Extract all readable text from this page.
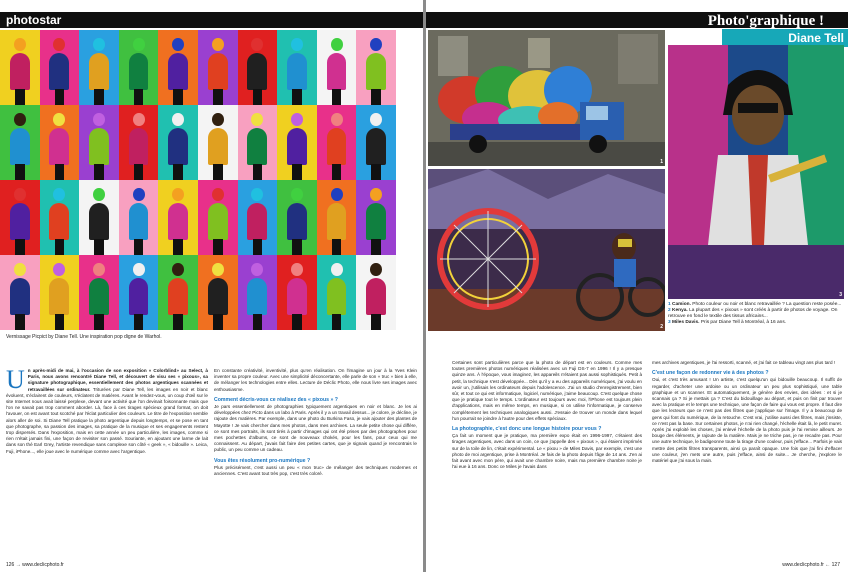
photostar
Vernissage Picpict by Diane Tell. Une inspiration pop digne de Warhol.
U n après-midi de mai, à l'occasion de son exposition « Colorblind» au Select, à Paris, nous avons rencontré Diane Tell, et découvert de visu ses « pixous», sa signature photographique, essentiellement des photos argentiques scannées et retravaillées sur ordinateur. Triturées par Diane Tell, les images en noir et blanc évoluent, s'éclairent de couleurs, s'éclatent de matières. Avant le rendez-vous, un coup d'œil sur le site Internet nous avait laissé perplexe, devant une activité que l'on devinait foisonnante mais que l'on ne savait pas trop comment aborder. Là, face à ces tirages spécieux grand format, on doit l'avouer, on est avant tout scotché par l'éclat particulier des couleurs. Le titre de l'exposition semble alors aller de soi. Si Diane Tell pratique la photo argentique depuis longtemps, et se pose en tant que photographe, sa passion des images, sa pratique de la musique et ses engagements restent trop dispersés. Dans l'exposition, mais en cette année un peu particulière, les images, comme si rien n'était jamais fini, une façon de revisiter son passé. Souriante, en ajoutant une larme de lait dans son thé Earl Grey, l'artiste revendique sans complexe son côté « geek », « bidouille ». Leica, Fuji, iPhone..., elle joue avec le numérique comme avec l'argentique.

En constante créativité, inventivité, plus qu'en réalisation. On l'imagine un jour à la Yves Klein inventer sa propre couleur. Avec une simplicité déconcertante, elle parle de son « truc » bien à elle, de mélanger les technologies entre elles. Lecture de Déclic Photo, elle nous livre ses images avec enthousiasme.

Comment décris-vous ce réalisez des « pixous » ?

Je pars essentiellement de photographies typiquement argentiques en noir et blanc. Je les ai développées chez Picto dans un labo à Paris. Après il y a un travail dessus... je colore, je décline, je rajoute des matières. Par exemple, dans une photo du Burkina Faso, je vais ajouter des plantes de Mayotte ! Je vais chercher dans mes photos, dans mes archives. La seule petite chose qui diffère, ce sont mes portraits, ils sont tirés à partir d'images qui ont été prises par des photographes pour mes pochettes d'albums, ce sont de nouveaux chokés, pour les fans, pour ceux qui me connaissent. Au départ, j'avais fait faire des petites cartes, que je signais quand je rencontrais le public, un peu comme un cadeau.

Vous êtes résolument pro-numérique ?

Plus précisément, c'est aussi un peu « mon truc» de mélanger des techniques modernes et anciennes. C'est avant tout très pop, c'est très coloré.

126 → www.declicphoto.fr
Photo'graphique !
Diane Tell
1
2
3

1 Camion. Photo couleur ou noir et blanc retravaillée ? La question reste posée...

2 Kenya. La plupart des « pixous » sont créés à partir de photos de voyage. On retrouve en fond le textile des tissus africains...

3 Miles Davis. Pris par Diane Tell à Montréal, à 16 ans.

Certaines sont particulières parce que la photo de départ est en couleurs. Comme mes toutes premières photos numériques réalisées avec un Fuji DS-7 en 1996 ! Il y a presque quinze ans. À l'époque, vous imaginez, les appareils n'étaient pas aussi sophistiqués. Petit à petit, la technique s'est développée... Dès qu'il y a eu des appareils numériques, j'ai voulu en avoir un, j'utilisais les ordinateurs depuis l'adolescence. J'ai un studio d'enregistrement, bien sûr, et tout ce qui est informatique, logiciel, numérique, j'aime beaucoup. C'est quelque chose que je pratique tout le temps. L'ordinateur est toujours avec moi, l'iPhone est toujours plein d'applications, mais en même temps, en musique, si on utilise l'informatique, je conserve complètement les techniques analogiques aussi. J'essaie de trouver un monde dans lequel l'un pourrait se joindre à l'autre pour des effets spéciaux.

La photographie, c'est donc une longue histoire pour vous ?

Ça fait un moment que je pratique, ma première expo était en 1996-1997, c'étaient des tirages argentiques, avec dans un coin, ce que j'appelle des « pixous », qui étaient imprimés sur de la toile de lin, c'était expérimental. Le « pixou » de Miles Davis, par exemple, c'est une photo de moi argentique, prise à Montréal. Je fais de la photo depuis l'âge de 14 ans. J'en ai fait avant avec mon père, qui avait une chambre noire, mais ma première chambre noire je l'ai eue à 16 ans. Donc ce Miles je l'avais dans

mes archives argentiques, je l'ai ressorti, scanné, et j'ai fait ce tableau vingt ans plus tard !

C'est une façon de redonner vie à des photos ?

Oui, et c'est très amusant ! Un artiste, c'est quelqu'un qui bidouille beaucoup. Il suffit de regarder, d'acheter une ardoise ou un ordinateur un peu plus sophistiqué, une table graphique et un scanner. Et automatiquement, je génère des envies, des idées : et si je scannais ça ? Si je mettais ça ? C'est du bidouillage au départ, et puis on finit par trouver avec la pratique et le temps une technique, une façon de faire qui vous est propre. Il faut dire que les lecteurs que ce n'est pas des filtres que j'applique sur l'image. Il y a beaucoup de gens qui font du numérique, de la retouche. C'est vrai, j'utilise aussi des filtres, mais j'insiste, ce n'est pas la base. Sur certaines photos, je n'ai rien changé, l'échelle était là, le petit muret. Après j'ai exploité les choses, j'ai enlevé l'échelle de la photo puis je l'ai remise ailleurs. Je bouge des éléments, je rajoute de la matière. Mais je ne triche pas, je ne recadre pas. Pour une autre technique, le badigeonne toute la tirage d'une couleur, puis j'efface... Parfois je vais mettre des petits filtres transparents, ainsi ça paraît opaque. Une fois que j'ai fini d'effacer une couleur, j'en mets une autre, puis j'efface, ainsi de suite... Je cherche, j'explore le matériel que j'ai sous la main.

www.declicphoto.fr ← 127
